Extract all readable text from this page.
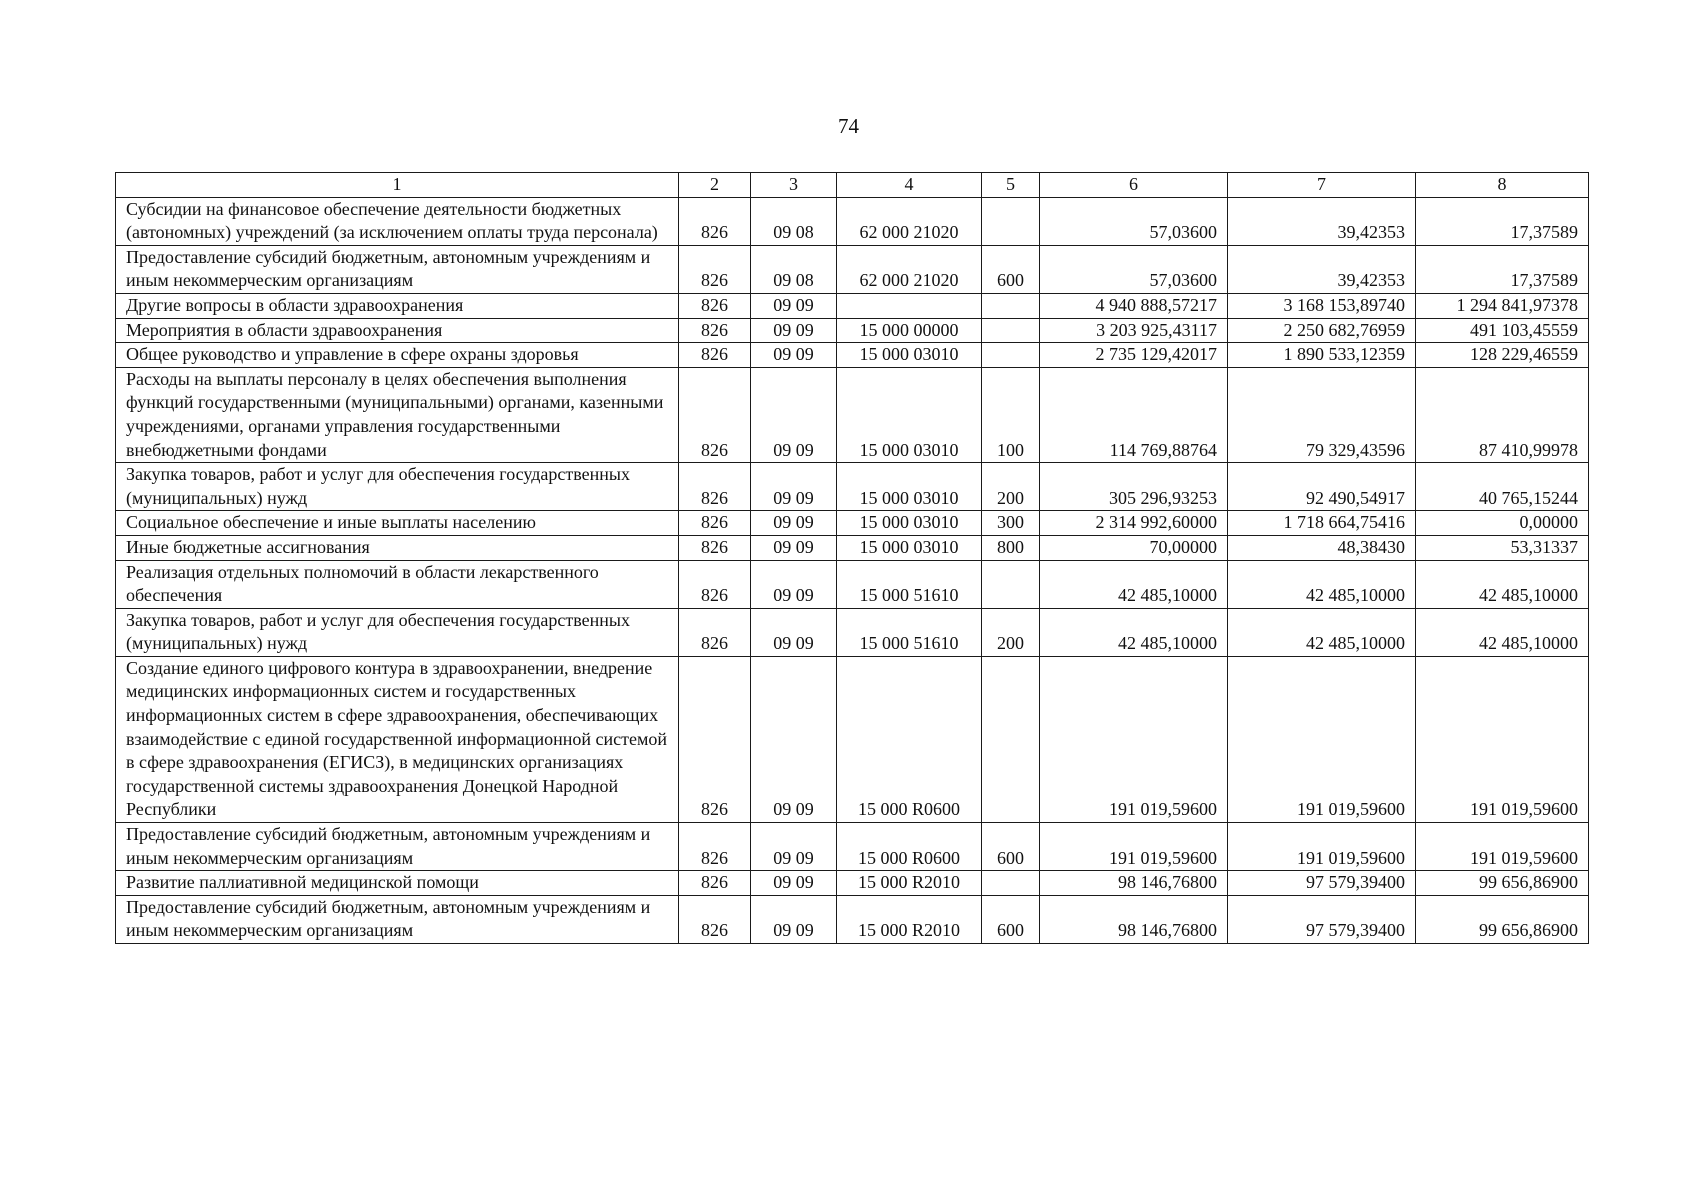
74
1	2	3	4	5	6	7	8
Субсидии на финансовое обеспечение деятельности бюджетных (автономных) учреждений (за исключением оплаты труда персонала)	826	09 08	62 000 21020		57,03600	39,42353	17,37589
Предоставление субсидий бюджетным, автономным учреждениям и иным некоммерческим организациям	826	09 08	62 000 21020	600	57,03600	39,42353	17,37589
Другие вопросы в области здравоохранения	826	09 09			4 940 888,57217	3 168 153,89740	1 294 841,97378
Мероприятия в области здравоохранения	826	09 09	15 000 00000		3 203 925,43117	2 250 682,76959	491 103,45559
Общее руководство и управление в сфере охраны здоровья	826	09 09	15 000 03010		2 735 129,42017	1 890 533,12359	128 229,46559
Расходы на выплаты персоналу в целях обеспечения выполнения функций государственными (муниципальными) органами, казенными учреждениями, органами управления государственными внебюджетными фондами	826	09 09	15 000 03010	100	114 769,88764	79 329,43596	87 410,99978
Закупка товаров, работ и услуг для обеспечения государственных (муниципальных) нужд	826	09 09	15 000 03010	200	305 296,93253	92 490,54917	40 765,15244
Социальное обеспечение и иные выплаты населению	826	09 09	15 000 03010	300	2 314 992,60000	1 718 664,75416	0,00000
Иные бюджетные ассигнования	826	09 09	15 000 03010	800	70,00000	48,38430	53,31337
Реализация отдельных полномочий в области лекарственного обеспечения	826	09 09	15 000 51610		42 485,10000	42 485,10000	42 485,10000
Закупка товаров, работ и услуг для обеспечения государственных (муниципальных) нужд	826	09 09	15 000 51610	200	42 485,10000	42 485,10000	42 485,10000
Создание единого цифрового контура в здравоохранении, внедрение медицинских информационных систем и государственных информационных систем в сфере здравоохранения, обеспечивающих взаимодействие с единой государственной информационной системой в сфере здравоохранения (ЕГИСЗ), в медицинских организациях государственной системы здравоохранения Донецкой Народной Республики	826	09 09	15 000 R0600		191 019,59600	191 019,59600	191 019,59600
Предоставление субсидий бюджетным, автономным учреждениям и иным некоммерческим организациям	826	09 09	15 000 R0600	600	191 019,59600	191 019,59600	191 019,59600
Развитие паллиативной медицинской помощи	826	09 09	15 000 R2010		98 146,76800	97 579,39400	99 656,86900
Предоставление субсидий бюджетным, автономным учреждениям и иным некоммерческим организациям	826	09 09	15 000 R2010	600	98 146,76800	97 579,39400	99 656,86900
